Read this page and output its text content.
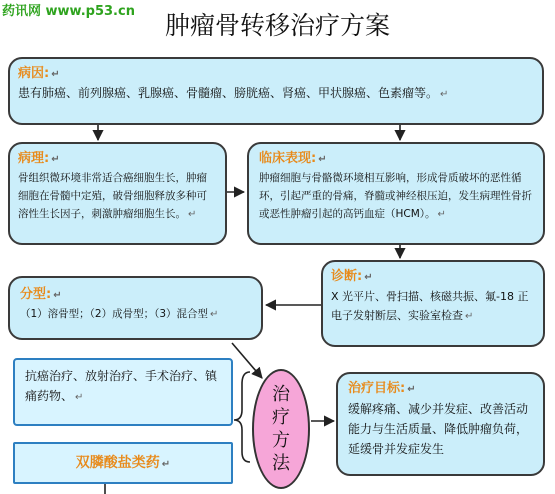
药讯网 www.p53.cn	肿瘤骨转移治疗方案
病因: ↵
患有肺癌、前列腺癌、乳腺癌、骨髓瘤、膀胱癌、肾癌、甲状腺癌、色素瘤等。 ↵
病理: ↵
骨组织微环境非常适合癌细胞生长，肿瘤细胞在骨髓中定殖，破骨细胞释放多种可溶性生长因子，刺激肿瘤细胞生长。 ↵
临床表现: ↵
肿瘤细胞与骨骼微环境相互影响，形成骨质破坏的恶性循环，引起严重的骨痛，脊髓或神经根压迫，发生病理性骨折或恶性肿瘤引起的高钙血症（HCM）。 ↵
诊断: ↵
X 光平片、骨扫描、核磁共振、氟-18 正电子发射断层、实验室检查 ↵
分型: ↵
（1）溶骨型；（2）成骨型；（3）混合型 ↵
抗癌治疗、放射治疗、手术治疗、镇痛药物、 ↵	治
疗
方
法
治疗目标: ↵
缓解疼痛、减少并发症、改善活动能力与生活质量、降低肿瘤负荷，延缓骨并发症发生
双膦酸盐类药 ↵
